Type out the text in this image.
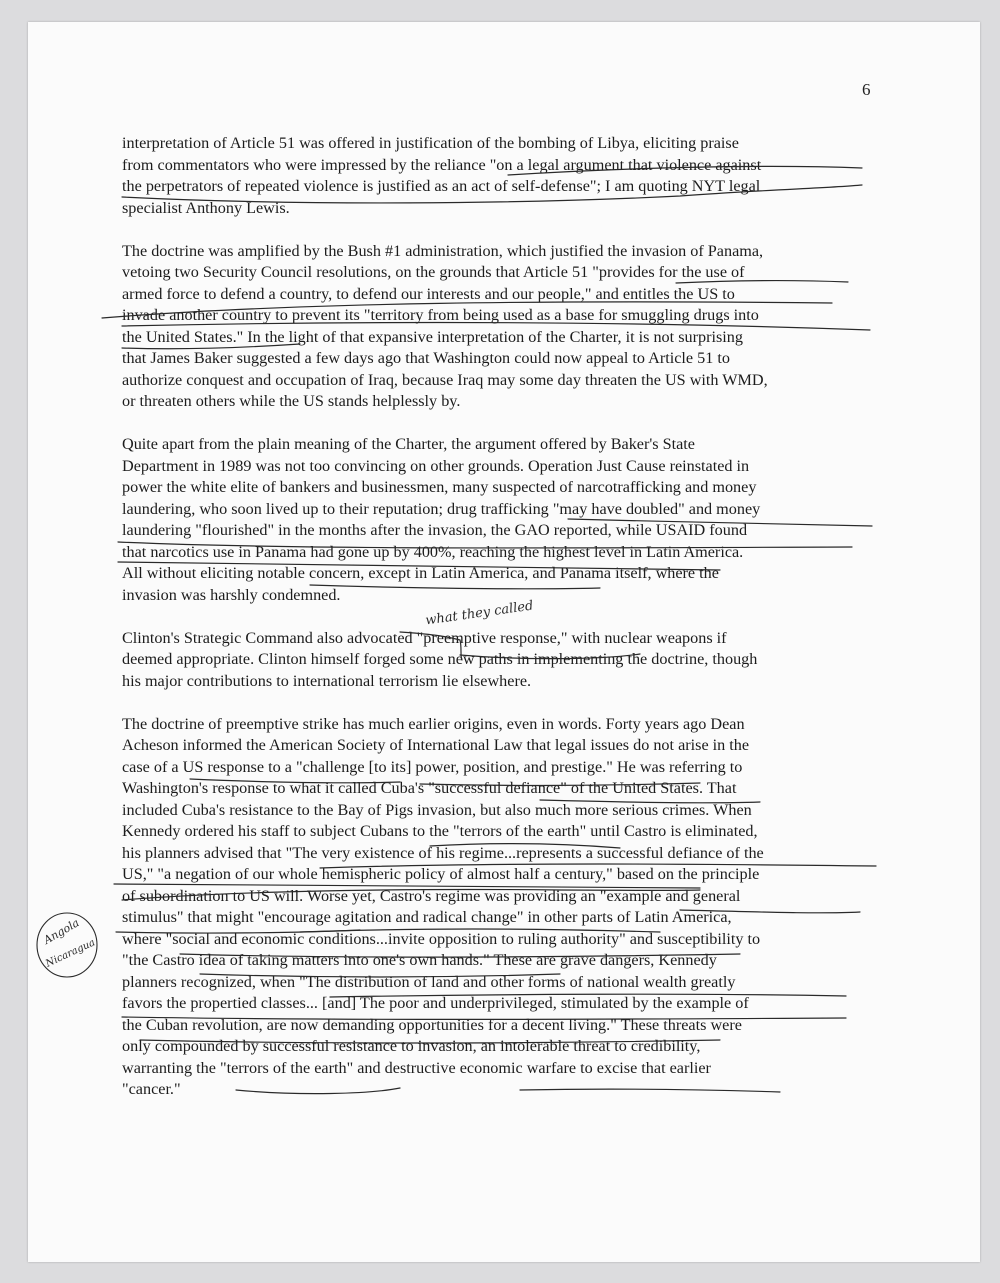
6
interpretation of Article 51 was offered in justification of the bombing of Libya, eliciting praise
from commentators who were impressed by the reliance "on a legal argument that violence against
the perpetrators of repeated violence is justified as an act of self-defense"; I am quoting NYT legal
specialist Anthony Lewis.
The doctrine was amplified by the Bush #1 administration, which justified the invasion of Panama,
vetoing two Security Council resolutions, on the grounds that Article 51 "provides for the use of
armed force to defend a country, to defend our interests and our people," and entitles the US to
invade another country to prevent its "territory from being used as a base for smuggling drugs into
the United States." In the light of that expansive interpretation of the Charter, it is not surprising
that James Baker suggested a few days ago that Washington could now appeal to Article 51 to
authorize conquest and occupation of Iraq, because Iraq may some day threaten the US with WMD,
or threaten others while the US stands helplessly by.
Quite apart from the plain meaning of the Charter, the argument offered by Baker's State
Department in 1989 was not too convincing on other grounds. Operation Just Cause reinstated in
power the white elite of bankers and businessmen, many suspected of narcotrafficking and money
laundering, who soon lived up to their reputation; drug trafficking "may have doubled" and money
laundering "flourished" in the months after the invasion, the GAO reported, while USAID found
that narcotics use in Panama had gone up by 400%, reaching the highest level in Latin America.
All without eliciting notable concern, except in Latin America, and Panama itself, where the
invasion was harshly condemned.
Clinton's Strategic Command also advocated "preemptive response," with nuclear weapons if
deemed appropriate. Clinton himself forged some new paths in implementing the doctrine, though
his major contributions to international terrorism lie elsewhere.
The doctrine of preemptive strike has much earlier origins, even in words. Forty years ago Dean
Acheson informed the American Society of International Law that legal issues do not arise in the
case of a US response to a "challenge [to its] power, position, and prestige." He was referring to
Washington's response to what it called Cuba's "successful defiance" of the United States. That
included Cuba's resistance to the Bay of Pigs invasion, but also much more serious crimes. When
Kennedy ordered his staff to subject Cubans to the "terrors of the earth" until Castro is eliminated,
his planners advised that "The very existence of his regime...represents a successful defiance of the
US," "a negation of our whole hemispheric policy of almost half a century," based on the principle
of subordination to US will. Worse yet, Castro's regime was providing an "example and general
stimulus" that might "encourage agitation and radical change" in other parts of Latin America,
where "social and economic conditions...invite opposition to ruling authority" and susceptibility to
"the Castro idea of taking matters into one's own hands." These are grave dangers, Kennedy
planners recognized, when "The distribution of land and other forms of national wealth greatly
favors the propertied classes... [and] The poor and underprivileged, stimulated by the example of
the Cuban revolution, are now demanding opportunities for a decent living." These threats were
only compounded by successful resistance to invasion, an intolerable threat to credibility,
warranting the "terrors of the earth" and destructive economic warfare to excise that earlier
"cancer."
what they called
Angola
Nicaragua
